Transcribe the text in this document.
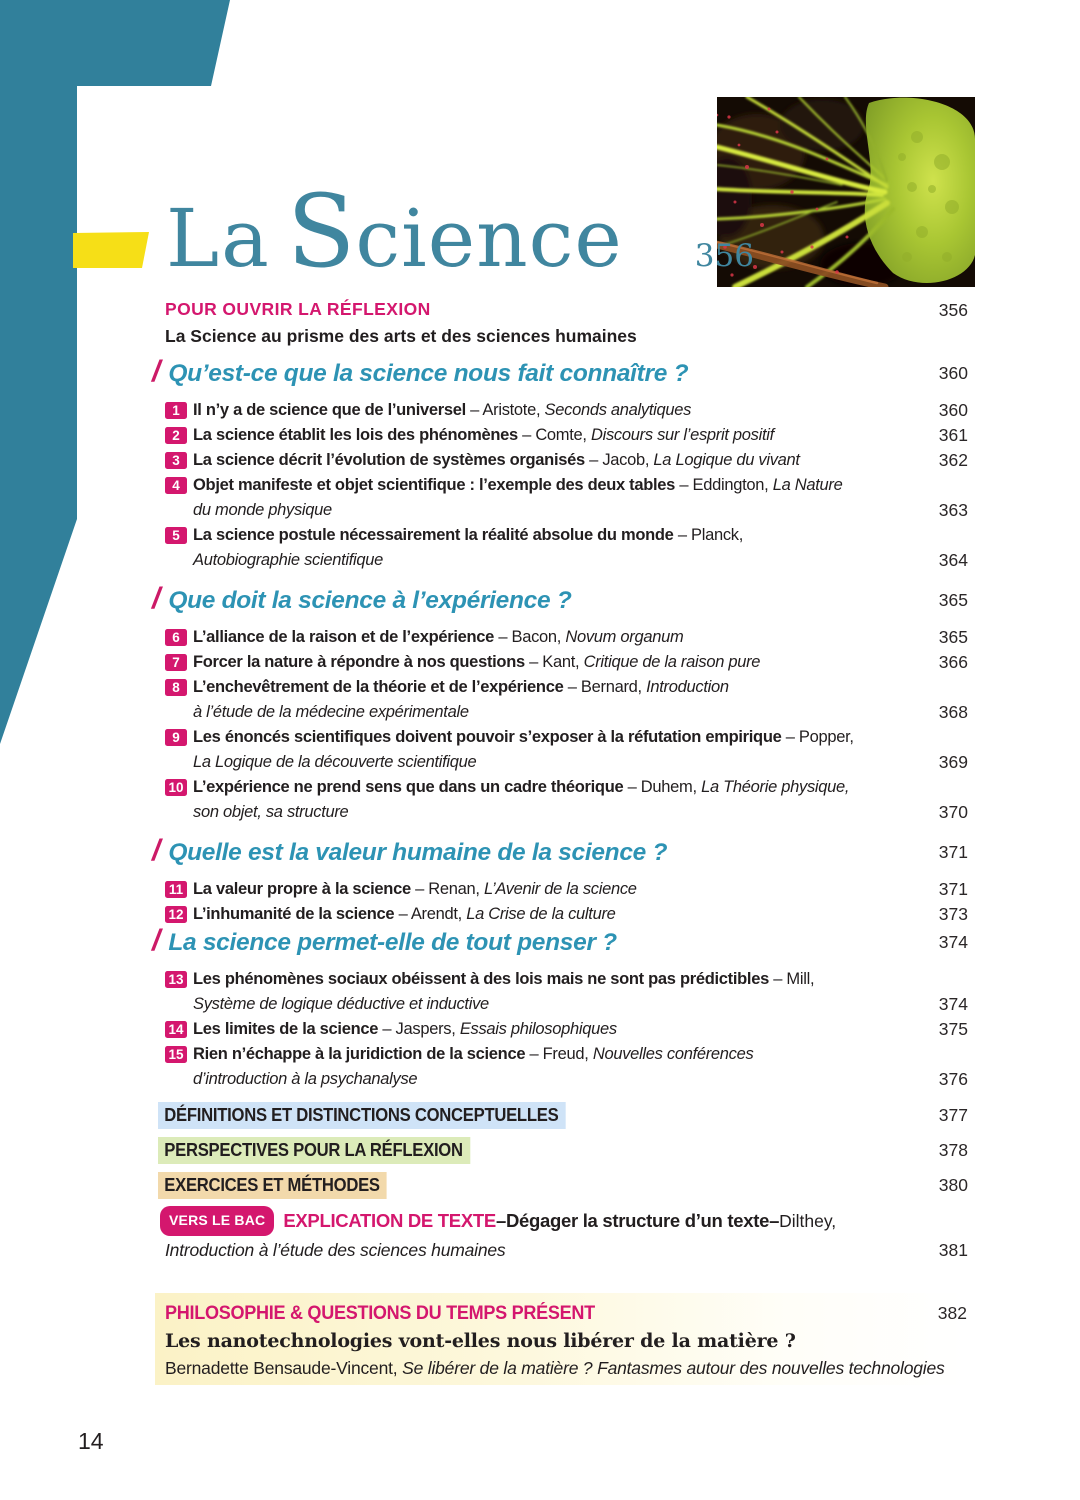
La S cience 356
POUR OUVRIR LA RÉFLEXION	356
La Science au prisme des arts et des sciences humaines
/ Qu’est-ce que la science nous fait connaître ?	360
1 Il n’y a de science que de l’universel – Aristote, Seconds analytiques	360
2 La science établit les lois des phénomènes – Comte, Discours sur l’esprit positif	361
3 La science décrit l’évolution de systèmes organisés – Jacob, La Logique du vivant	362
4 Objet manifeste et objet scientifique : l’exemple des deux tables – Eddington, La Nature
du monde physique	363
5 La science postule nécessairement la réalité absolue du monde – Planck,
Autobiographie scientifique	364
/ Que doit la science à l’expérience ?	365
6 L’alliance de la raison et de l’expérience – Bacon, Novum organum	365
7 Forcer la nature à répondre à nos questions – Kant, Critique de la raison pure	366
8 L’enchevêtrement de la théorie et de l’expérience – Bernard, Introduction
à l’étude de la médecine expérimentale	368
9 Les énoncés scientifiques doivent pouvoir s’exposer à la réfutation empirique – Popper,
La Logique de la découverte scientifique	369
10 L’expérience ne prend sens que dans un cadre théorique – Duhem, La Théorie physique,
son objet, sa structure	370
/ Quelle est la valeur humaine de la science ?	371
11 La valeur propre à la science – Renan, L’Avenir de la science	371
12 L’inhumanité de la science – Arendt, La Crise de la culture	373
/ La science permet-elle de tout penser ?	374
13 Les phénomènes sociaux obéissent à des lois mais ne sont pas prédictibles – Mill,
Système de logique déductive et inductive	374
14 Les limites de la science – Jaspers, Essais philosophiques	375
15 Rien n’échappe à la juridiction de la science – Freud, Nouvelles conférences
d’introduction à la psychanalyse	376
DÉFINITIONS ET DISTINCTIONS CONCEPTUELLES	377
PERSPECTIVES POUR LA RÉFLEXION	378
EXERCICES ET MÉTHODES	380
VERS LE BAC EXPLICATION DE TEXTE – Dégager la structure d’un texte – Dilthey,
Introduction à l’étude des sciences humaines	381
PHILOSOPHIE & QUESTIONS DU TEMPS PRÉSENT	382
Les nanotechnologies vont-elles nous libérer de la matière ?
Bernadette Bensaude-Vincent, Se libérer de la matière ? Fantasmes autour des nouvelles technologies
14
